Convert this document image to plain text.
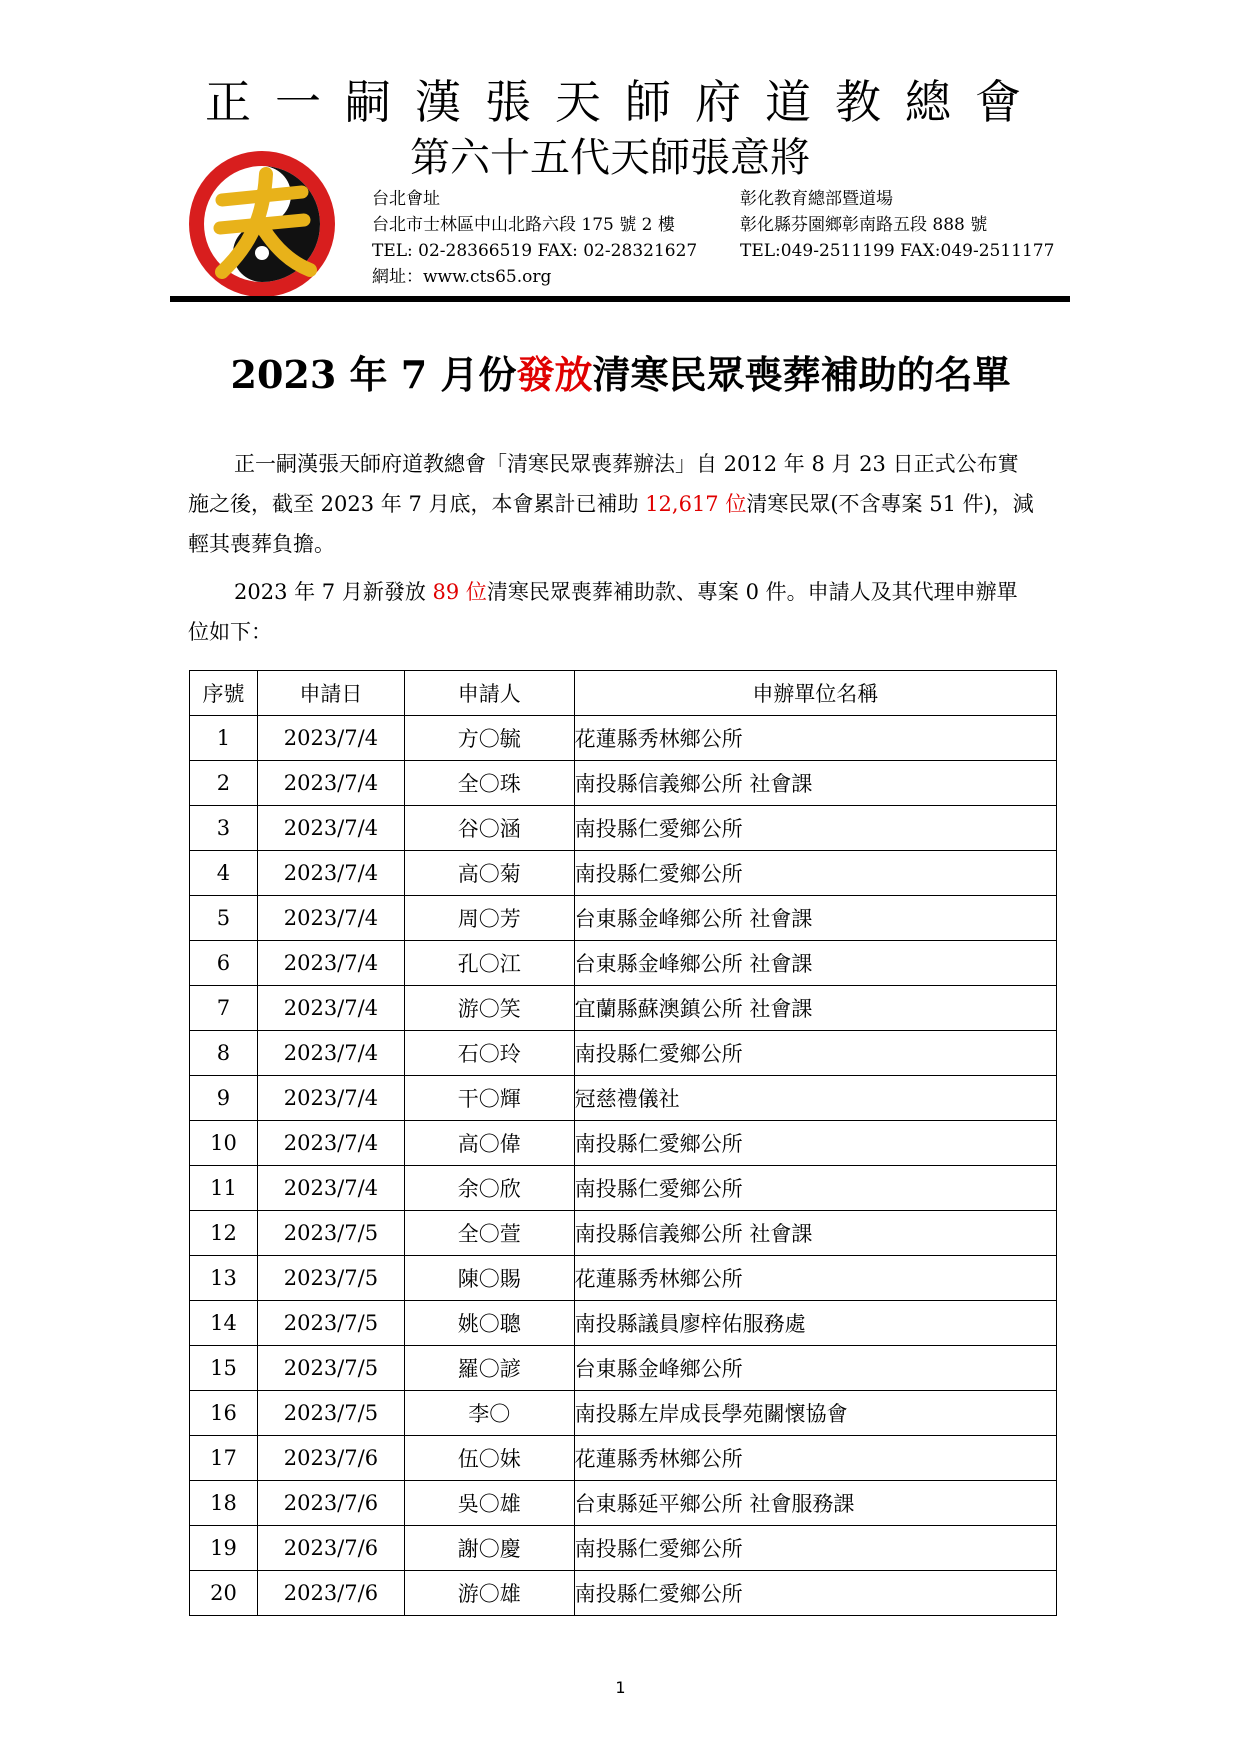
天
正一嗣漢張天師府道教總會
第六十五代天師張意將
台北會址
台北市士林區中山北路六段 175 號 2 樓
TEL: 02-28366519 FAX: 02-28321627
彰化教育總部暨道場
彰化縣芬園鄉彰南路五段 888 號
TEL:049-2511199 FAX:049-2511177
網址：www.cts65.org
2023 年 7 月份發放清寒民眾喪葬補助的名單
正一嗣漢張天師府道教總會「清寒民眾喪葬辦法」自 2012 年 8 月 23 日正式公布實施之後，截至 2023 年 7 月底，本會累計已補助 12,617 位清寒民眾(不含專案 51 件)，減輕其喪葬負擔。
2023 年 7 月新發放 89 位清寒民眾喪葬補助款、專案 0 件。申請人及其代理申辦單位如下：
序號	申請日	申請人	申辦單位名稱
1	2023/7/4	方〇毓	花蓮縣秀林鄉公所
2	2023/7/4	全〇珠	南投縣信義鄉公所 社會課
3	2023/7/4	谷〇涵	南投縣仁愛鄉公所
4	2023/7/4	高〇菊	南投縣仁愛鄉公所
5	2023/7/4	周〇芳	台東縣金峰鄉公所 社會課
6	2023/7/4	孔〇江	台東縣金峰鄉公所 社會課
7	2023/7/4	游〇笑	宜蘭縣蘇澳鎮公所 社會課
8	2023/7/4	石〇玲	南投縣仁愛鄉公所
9	2023/7/4	干〇輝	冠慈禮儀社
10	2023/7/4	高〇偉	南投縣仁愛鄉公所
11	2023/7/4	余〇欣	南投縣仁愛鄉公所
12	2023/7/5	全〇萱	南投縣信義鄉公所 社會課
13	2023/7/5	陳〇賜	花蓮縣秀林鄉公所
14	2023/7/5	姚〇聰	南投縣議員廖梓佑服務處
15	2023/7/5	羅〇諺	台東縣金峰鄉公所
16	2023/7/5	李〇	南投縣左岸成長學苑關懷協會
17	2023/7/6	伍〇妹	花蓮縣秀林鄉公所
18	2023/7/6	吳〇雄	台東縣延平鄉公所 社會服務課
19	2023/7/6	謝〇慶	南投縣仁愛鄉公所
20	2023/7/6	游〇雄	南投縣仁愛鄉公所
1
